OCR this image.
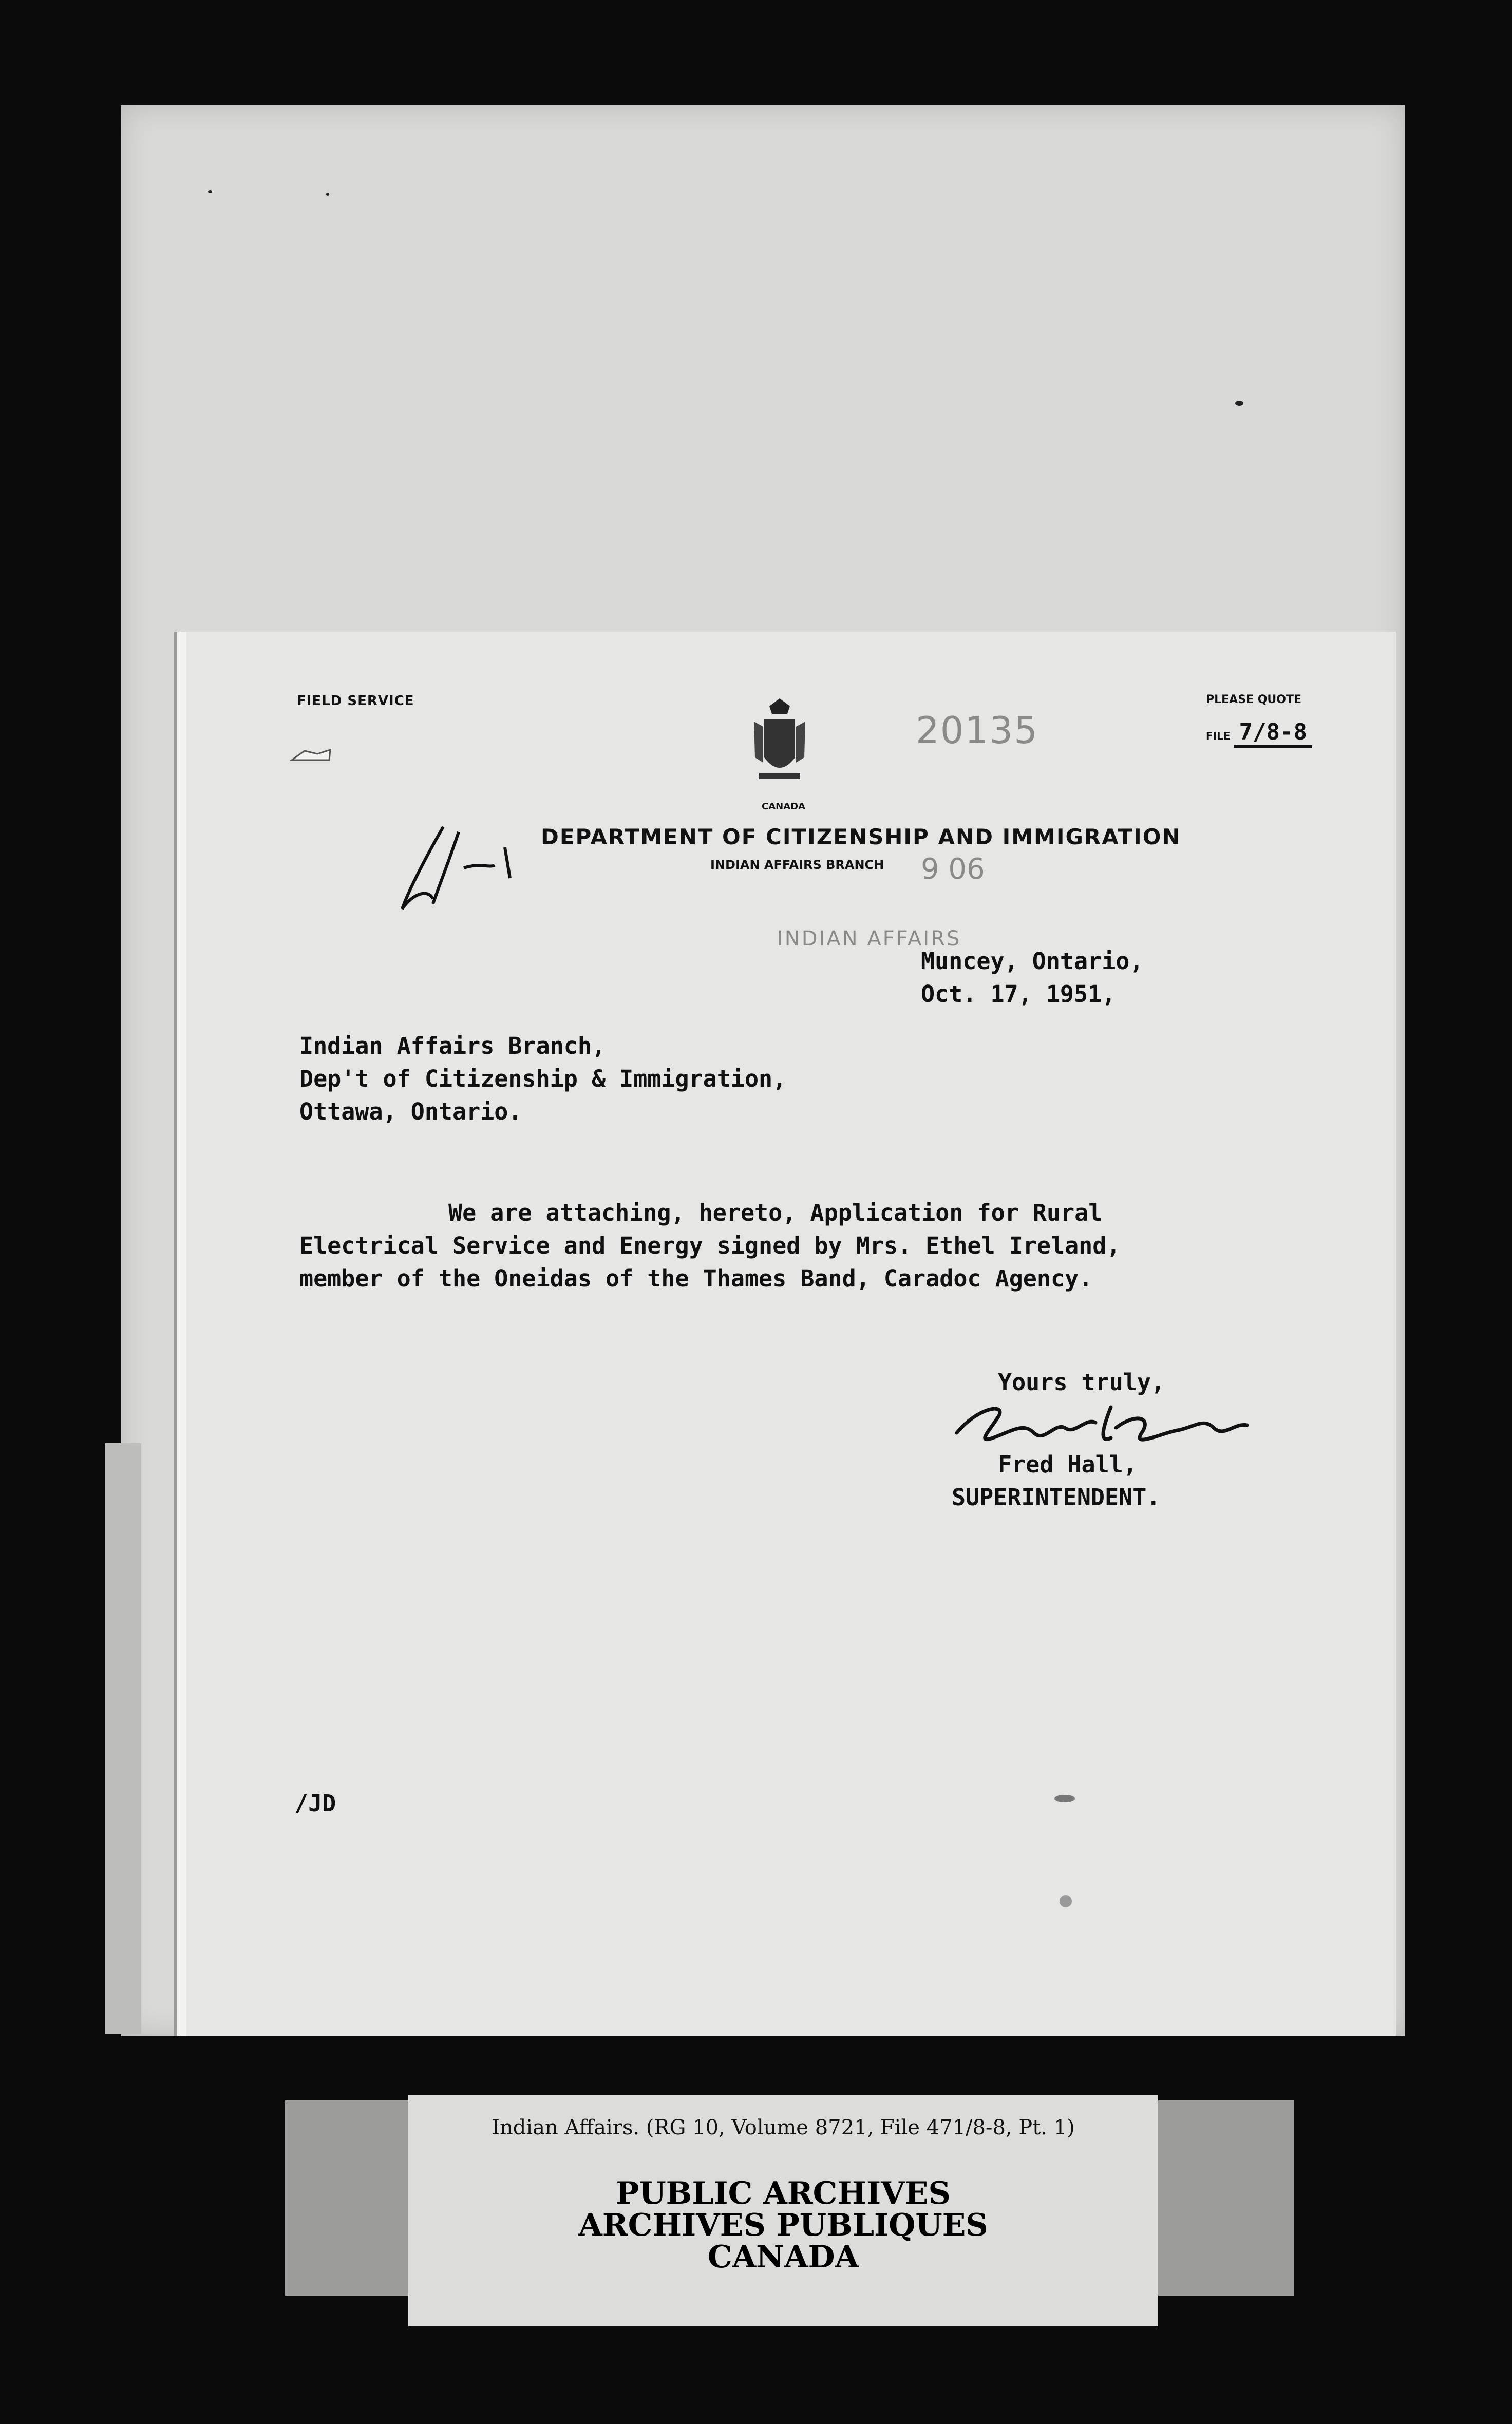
FIELD SERVICE
CANADA
20135
PLEASE QUOTE
FILE 7/8-8
DEPARTMENT OF CITIZENSHIP AND IMMIGRATION
INDIAN AFFAIRS BRANCH 9 06
INDIAN AFFAIRS
Muncey, Ontario,
Oct. 17, 1951,
Indian Affairs Branch,
Dep't of Citizenship & Immigration,
Ottawa, Ontario.
We are attaching, hereto, Application for Rural
Electrical Service and Energy signed by Mrs. Ethel Ireland,
member of the Oneidas of the Thames Band, Caradoc Agency.
Yours truly,
Fred Hall,
SUPERINTENDENT.
/JD
Indian Affairs. (RG 10, Volume 8721, File 471/8-8, Pt. 1)
PUBLIC ARCHIVES
ARCHIVES PUBLIQUES
CANADA
